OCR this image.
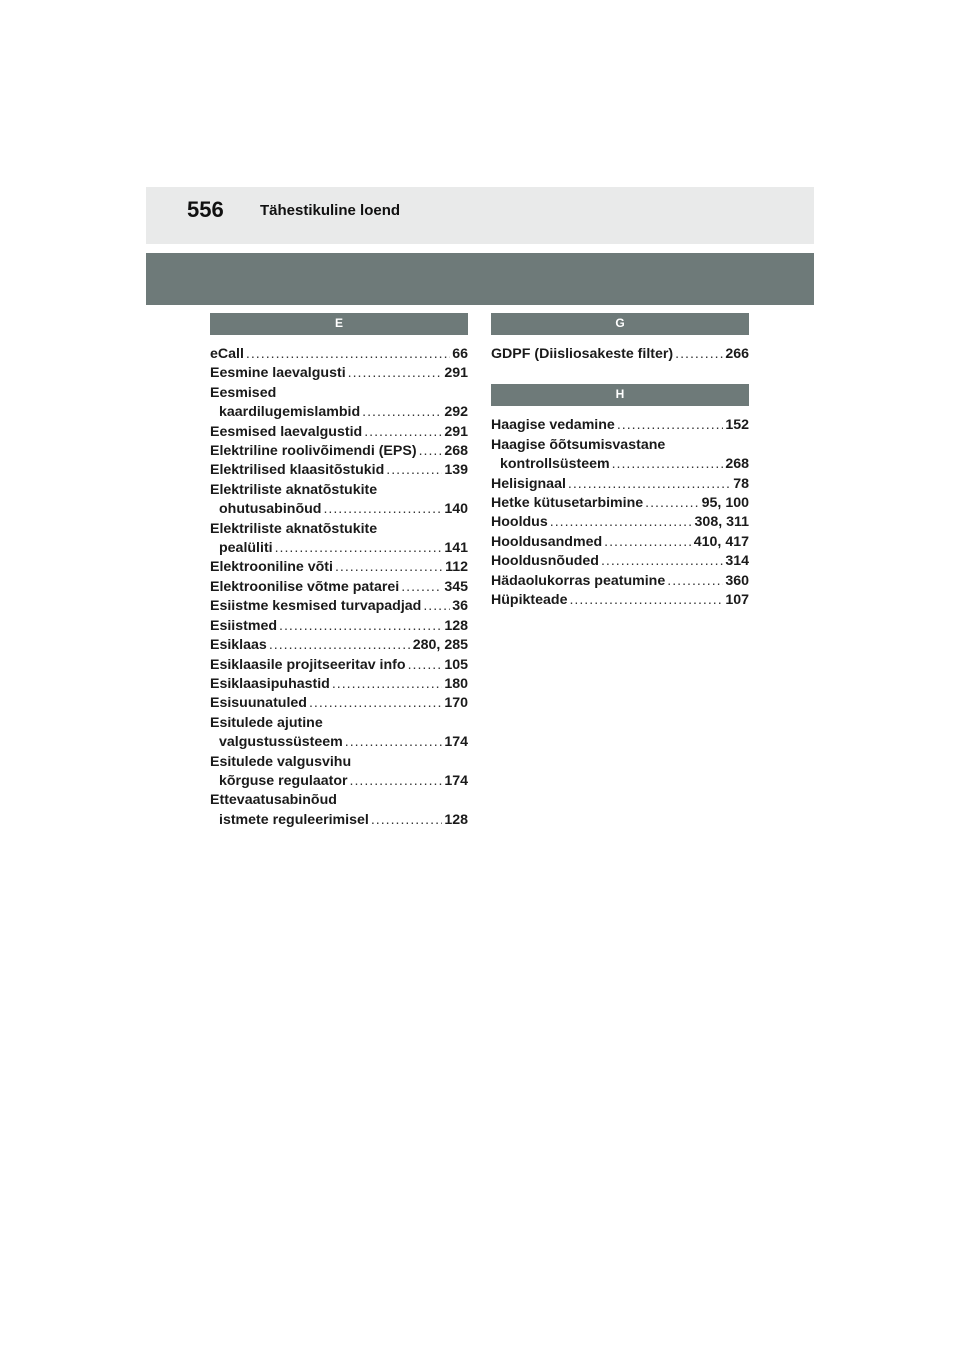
556 Tähestikuline loend
E
eCall .....	66
Eesmine laevalgusti .....	291
Eesmised
kaardilugemislambid .....	292
Eesmised laevalgustid .....	291
Elektriline roolivõimendi (EPS) ..... 268
Elektrilised klaasitõstukid .....	139
Elektriliste aknatõstukite
ohutusabinõud .....	140
Elektriliste aknatõstukite
pealüliti .....	141
Elektrooniline võti .....	112
Elektroonilise võtme patarei .....	345
Esiistme kesmised turvapadjad ..... 36
Esiistmed .....	128
Esiklaas .....	280, 285
Esiklaasile projitseeritav info .....	105
Esiklaasipuhastid .....	180
Esisuunatuled .....	170
Esitulede ajutine
valgustussüsteem .....	174
Esitulede valgusvihu
kõrguse regulaator .....	174
Ettevaatusabinõud
istmete reguleerimisel .....	128
G
GDPF (Diisliosakeste filter) .....	266
H
Haagise vedamine .....	152
Haagise õõtsumisvastane
kontrollsüsteem .....	268
Helisignaal .....	78
Hetke kütusetarbimine .....	95, 100
Hooldus .....	308, 311
Hooldusandmed .....	410, 417
Hooldusnõuded .....	314
Hädaolukorras peatumine .....	360
Hüpikteade .....	107
